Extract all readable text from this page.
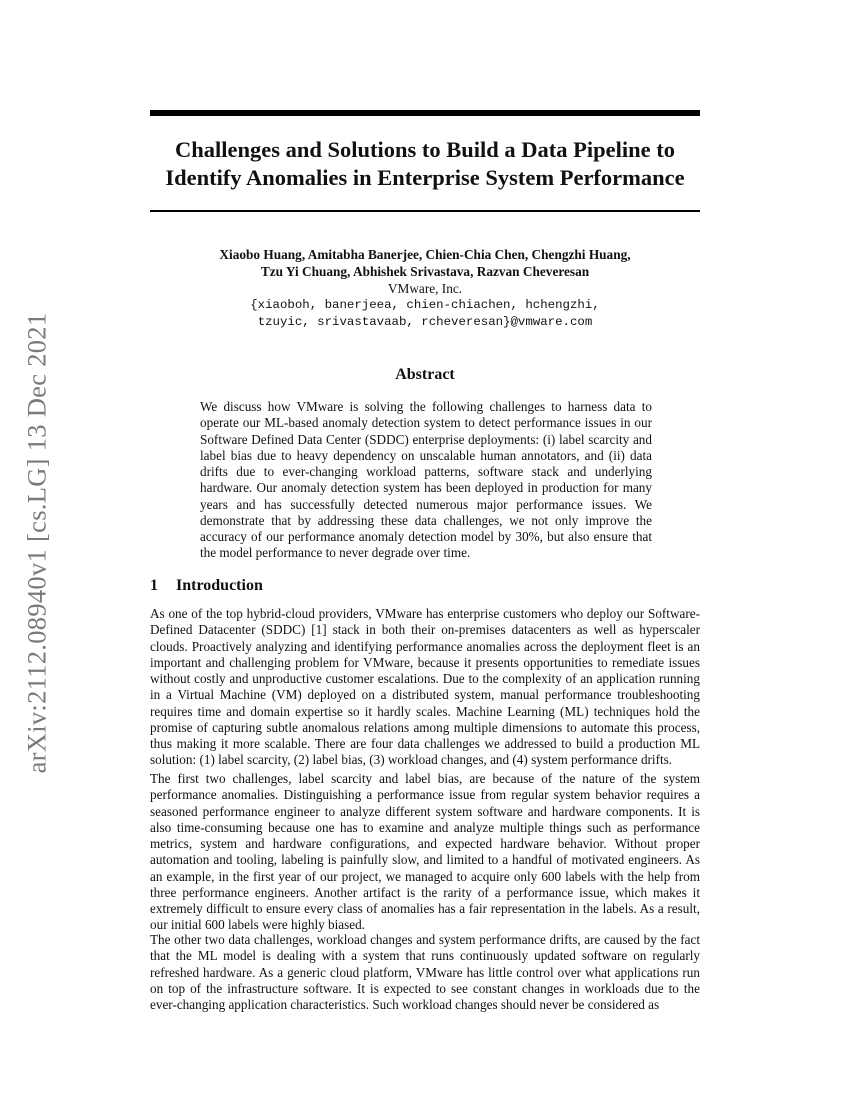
arXiv:2112.08940v1 [cs.LG] 13 Dec 2021
Challenges and Solutions to Build a Data Pipeline to
Identify Anomalies in Enterprise System Performance
Xiaobo Huang, Amitabha Banerjee, Chien-Chia Chen, Chengzhi Huang,
Tzu Yi Chuang, Abhishek Srivastava, Razvan Cheveresan
VMware, Inc.
{xiaoboh, banerjeea, chien-chiachen, hchengzhi,
tzuyic, srivastavaab, rcheveresan}@vmware.com
Abstract

We discuss how VMware is solving the following challenges to harness data to operate our ML-based anomaly detection system to detect performance issues in our Software Defined Data Center (SDDC) enterprise deployments: (i) label scarcity and label bias due to heavy dependency on unscalable human annotators, and (ii) data drifts due to ever-changing workload patterns, software stack and underlying hardware. Our anomaly detection system has been deployed in production for many years and has successfully detected numerous major performance issues. We demonstrate that by addressing these data challenges, we not only improve the accuracy of our performance anomaly detection model by 30%, but also ensure that the model performance to never degrade over time.

1 Introduction

As one of the top hybrid-cloud providers, VMware has enterprise customers who deploy our Software-Defined Datacenter (SDDC) [1] stack in both their on-premises datacenters as well as hyperscaler clouds. Proactively analyzing and identifying performance anomalies across the deployment fleet is an important and challenging problem for VMware, because it presents opportunities to remediate issues without costly and unproductive customer escalations. Due to the complexity of an application running in a Virtual Machine (VM) deployed on a distributed system, manual performance troubleshooting requires time and domain expertise so it hardly scales. Machine Learning (ML) techniques hold the promise of capturing subtle anomalous relations among multiple dimensions to automate this process, thus making it more scalable. There are four data challenges we addressed to build a production ML solution: (1) label scarcity, (2) label bias, (3) workload changes, and (4) system performance drifts.

The first two challenges, label scarcity and label bias, are because of the nature of the system performance anomalies. Distinguishing a performance issue from regular system behavior requires a seasoned performance engineer to analyze different system software and hardware components. It is also time-consuming because one has to examine and analyze multiple things such as performance metrics, system and hardware configurations, and expected hardware behavior. Without proper automation and tooling, labeling is painfully slow, and limited to a handful of motivated engineers. As an example, in the first year of our project, we managed to acquire only 600 labels with the help from three performance engineers. Another artifact is the rarity of a performance issue, which makes it extremely difficult to ensure every class of anomalies has a fair representation in the labels. As a result, our initial 600 labels were highly biased.

The other two data challenges, workload changes and system performance drifts, are caused by the fact that the ML model is dealing with a system that runs continuously updated software on regularly refreshed hardware. As a generic cloud platform, VMware has little control over what applications run on top of the infrastructure software. It is expected to see constant changes in workloads due to the ever-changing application characteristics. Such workload changes should never be considered as
